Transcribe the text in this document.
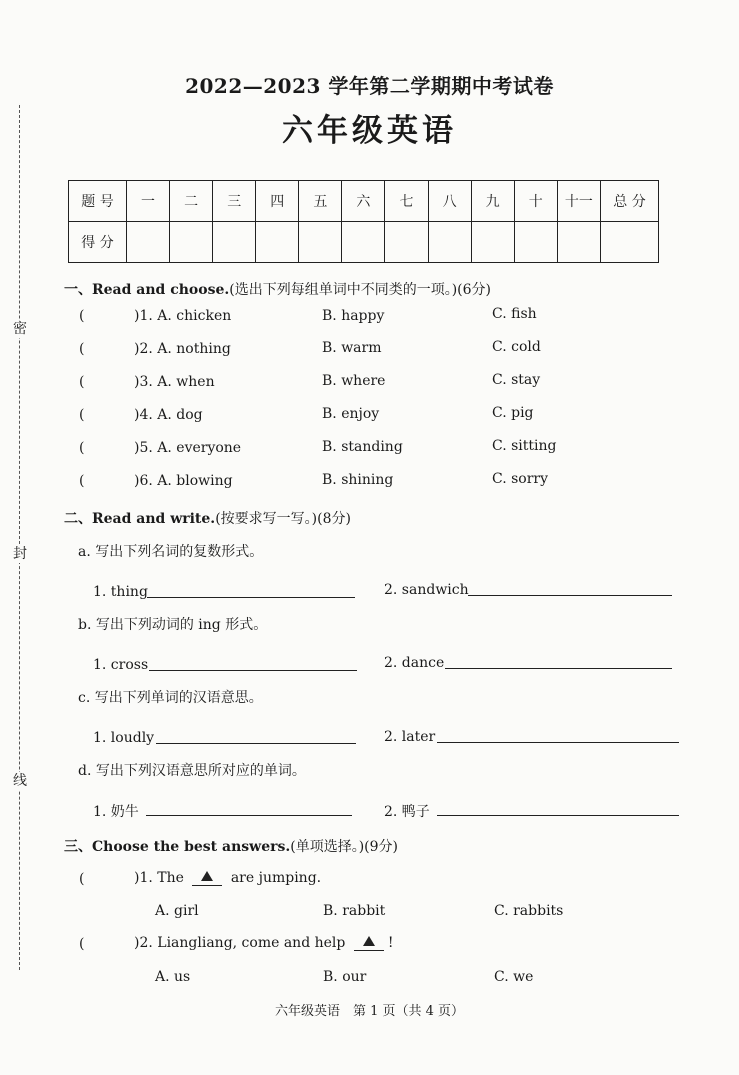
密
封
线
2022—2023 学年第二学期期中考试卷
六年级英语
题 号	一	二	三	四	五	六	七	八	九	十	十一	总 分
得 分												
一、Read and choose.(选出下列每组单词中不同类的一项。)(6分)
(	)1. A. chicken	B. happy	C. fish
(	)2. A. nothing	B. warm	C. cold
(	)3. A. when	B. where	C. stay
(	)4. A. dog	B. enjoy	C. pig
(	)5. A. everyone	B. standing	C. sitting
(	)6. A. blowing	B. shining	C. sorry
二、Read and write.(按要求写一写。)(8分)
a. 写出下列名词的复数形式。
1. thing	2. sandwich
b. 写出下列动词的 ing 形式。
1. cross	2. dance
c. 写出下列单词的汉语意思。
1. loudly	2. later
d. 写出下列汉语意思所对应的单词。
1. 奶牛	2. 鸭子
三、Choose the best answers.(单项选择。)(9分)
(	)1. The	are jumping.
A. girl	B. rabbit	C. rabbits
(	)2. Liangliang, come and help	!
A. us	B. our	C. we
六年级英语　第 1 页（共 4 页）
